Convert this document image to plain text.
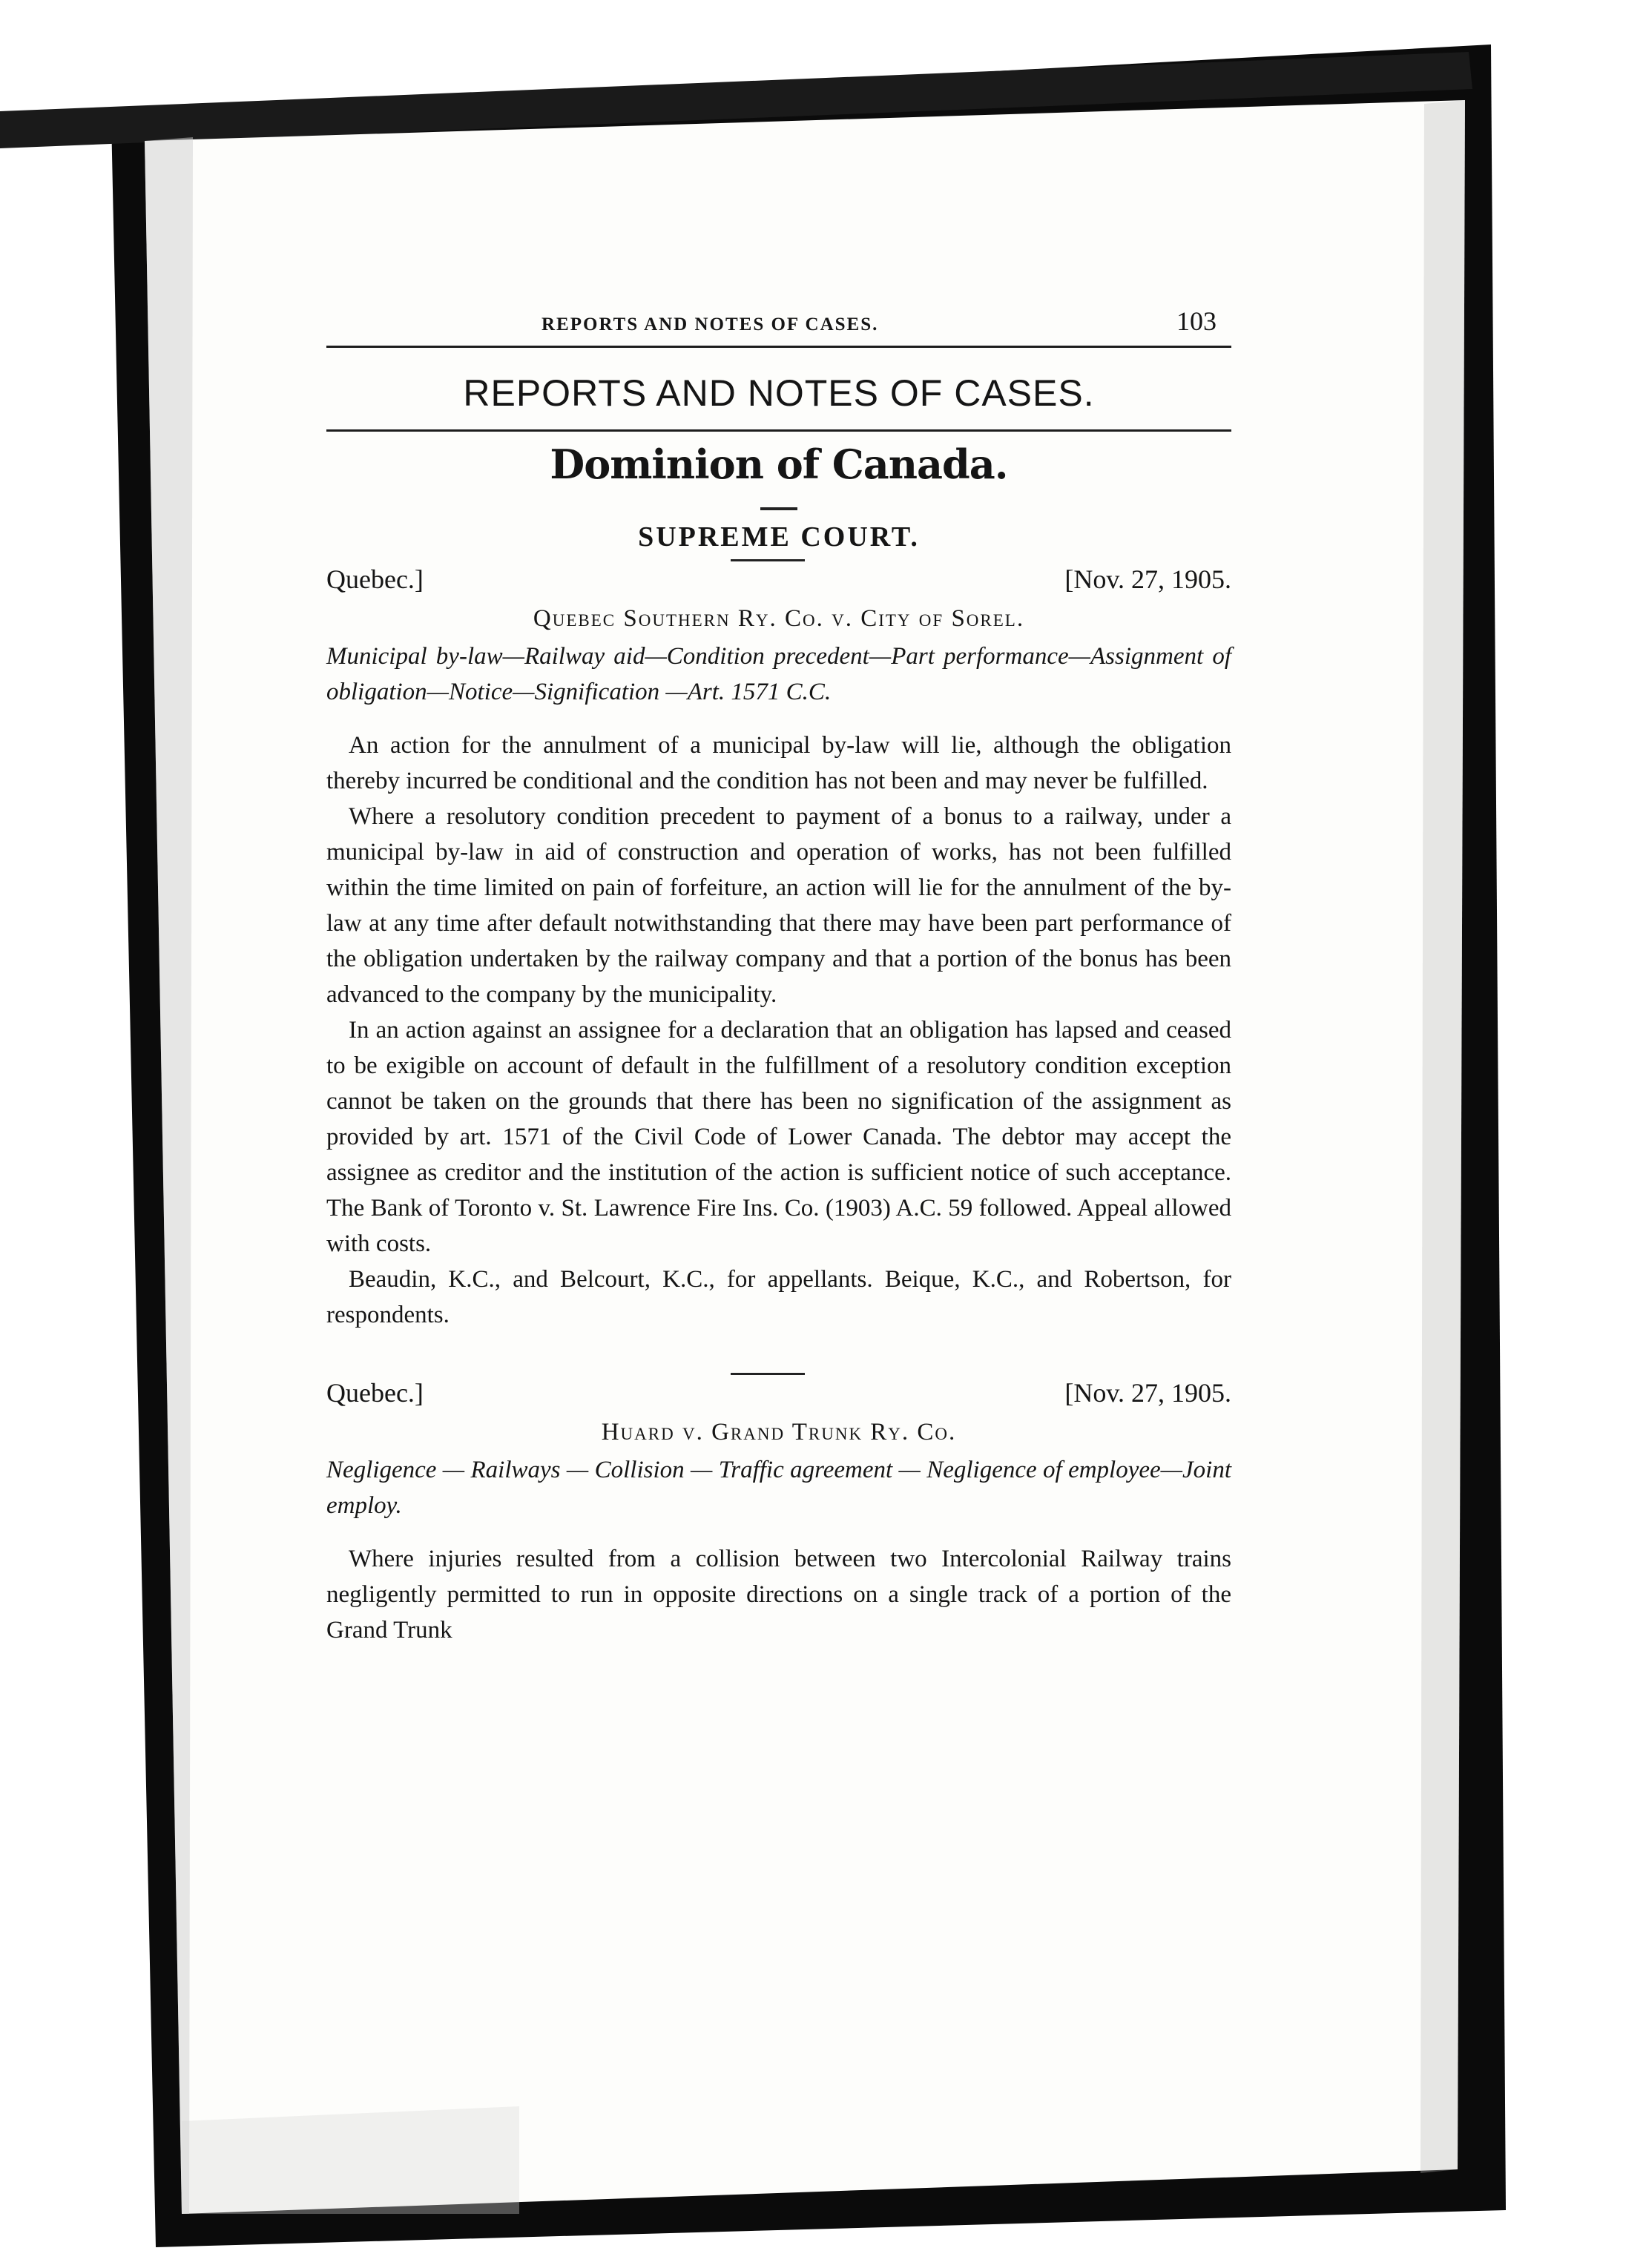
REPORTS AND NOTES OF CASES.	103
REPORTS AND NOTES OF CASES.
Dominion of Canada.
SUPREME COURT.
Quebec.]	[Nov. 27, 1905.
Quebec Southern Ry. Co. v. City of Sorel.

Municipal by-law—Railway aid—Condition precedent—Part performance—Assignment of obligation—Notice—Signification —Art. 1571 C.C.

An action for the annulment of a municipal by-law will lie, although the obligation thereby incurred be conditional and the condition has not been and may never be fulfilled.

Where a resolutory condition precedent to payment of a bonus to a railway, under a municipal by-law in aid of construction and operation of works, has not been fulfilled within the time limited on pain of forfeiture, an action will lie for the annulment of the by-law at any time after default notwithstanding that there may have been part performance of the obligation undertaken by the railway company and that a portion of the bonus has been advanced to the company by the municipality.

In an action against an assignee for a declaration that an obligation has lapsed and ceased to be exigible on account of default in the fulfillment of a resolutory condition exception cannot be taken on the grounds that there has been no signification of the assignment as provided by art. 1571 of the Civil Code of Lower Canada. The debtor may accept the assignee as creditor and the institution of the action is sufficient notice of such acceptance. The Bank of Toronto v. St. Lawrence Fire Ins. Co. (1903) A.C. 59 followed. Appeal allowed with costs.

Beaudin, K.C., and Belcourt, K.C., for appellants. Beique, K.C., and Robertson, for respondents.

Quebec.]	[Nov. 27, 1905.
Huard v. Grand Trunk Ry. Co.

Negligence — Railways — Collision — Traffic agreement — Negligence of employee—Joint employ.

Where injuries resulted from a collision between two Intercolonial Railway trains negligently permitted to run in opposite directions on a single track of a portion of the Grand Trunk
